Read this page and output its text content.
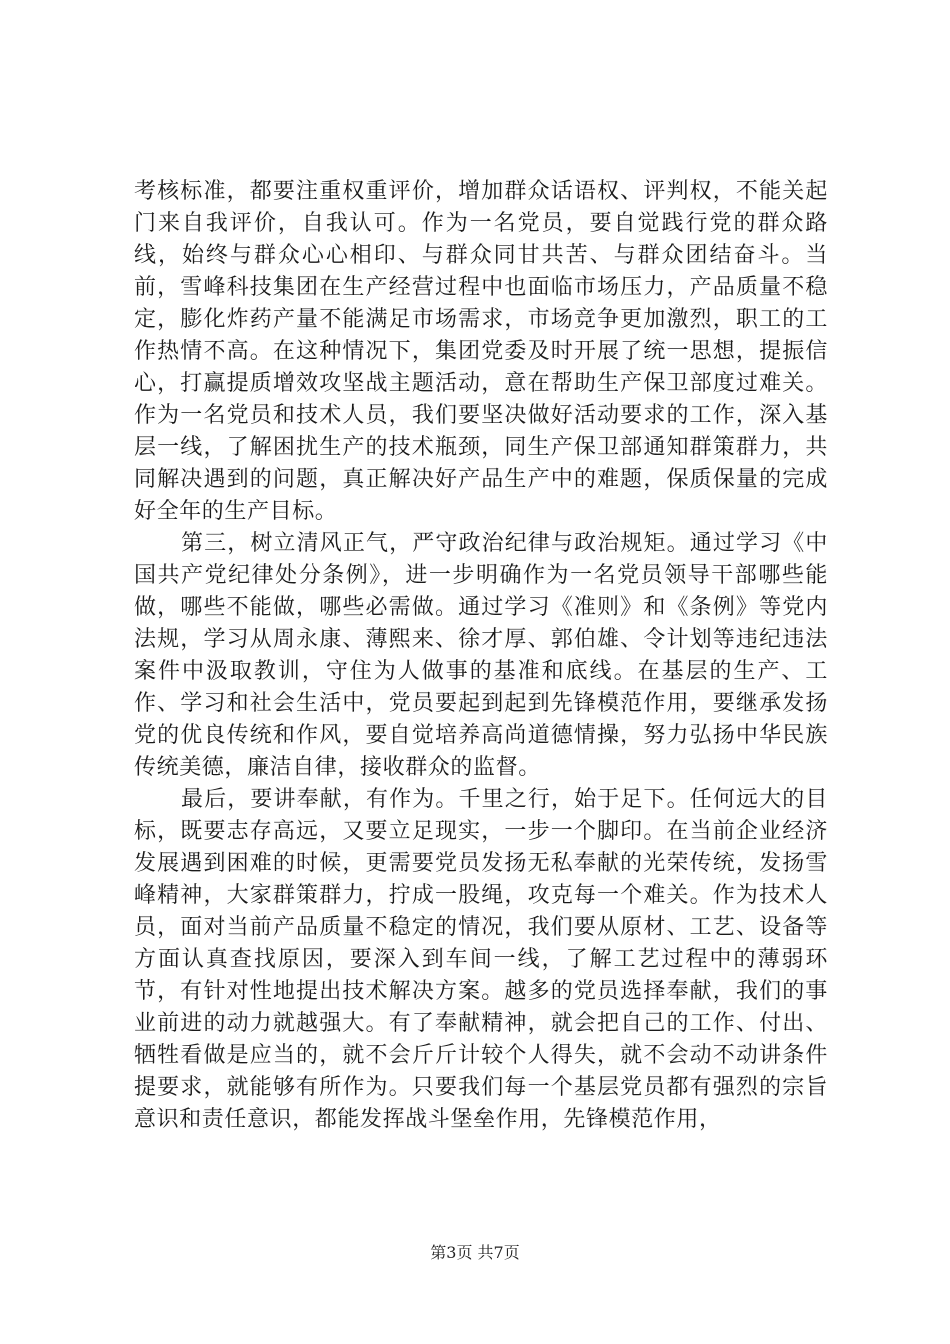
考核标准，都要注重权重评价，增加群众话语权、评判权，不能关起门来自我评价，自我认可。作为一名党员，要自觉践行党的群众路线，始终与群众心心相印、与群众同甘共苦、与群众团结奋斗。当前，雪峰科技集团在生产经营过程中也面临市场压力，产品质量不稳定，膨化炸药产量不能满足市场需求，市场竞争更加激烈，职工的工作热情不高。在这种情况下，集团党委及时开展了统一思想，提振信心，打赢提质增效攻坚战主题活动，意在帮助生产保卫部度过难关。作为一名党员和技术人员，我们要坚决做好活动要求的工作，深入基层一线，了解困扰生产的技术瓶颈，同生产保卫部通知群策群力，共同解决遇到的问题，真正解决好产品生产中的难题，保质保量的完成好全年的生产目标。

第三，树立清风正气，严守政治纪律与政治规矩。通过学习《中国共产党纪律处分条例》，进一步明确作为一名党员领导干部哪些能做，哪些不能做，哪些必需做。通过学习《准则》和《条例》等党内法规，学习从周永康、薄熙来、徐才厚、郭伯雄、令计划等违纪违法案件中汲取教训，守住为人做事的基准和底线。在基层的生产、工作、学习和社会生活中，党员要起到起到先锋模范作用，要继承发扬党的优良传统和作风，要自觉培养高尚道德情操，努力弘扬中华民族传统美德，廉洁自律，接收群众的监督。

最后，要讲奉献，有作为。千里之行，始于足下。任何远大的目标，既要志存高远，又要立足现实，一步一个脚印。在当前企业经济发展遇到困难的时候，更需要党员发扬无私奉献的光荣传统，发扬雪峰精神，大家群策群力，拧成一股绳，攻克每一个难关。作为技术人员，面对当前产品质量不稳定的情况，我们要从原材、工艺、设备等方面认真查找原因，要深入到车间一线，了解工艺过程中的薄弱环节，有针对性地提出技术解决方案。越多的党员选择奉献，我们的事业前进的动力就越强大。有了奉献精神，就会把自己的工作、付出、牺牲看做是应当的，就不会斤斤计较个人得失，就不会动不动讲条件提要求，就能够有所作为。只要我们每一个基层党员都有强烈的宗旨意识和责任意识，都能发挥战斗堡垒作用，先锋模范作用，

第3页 共7页
